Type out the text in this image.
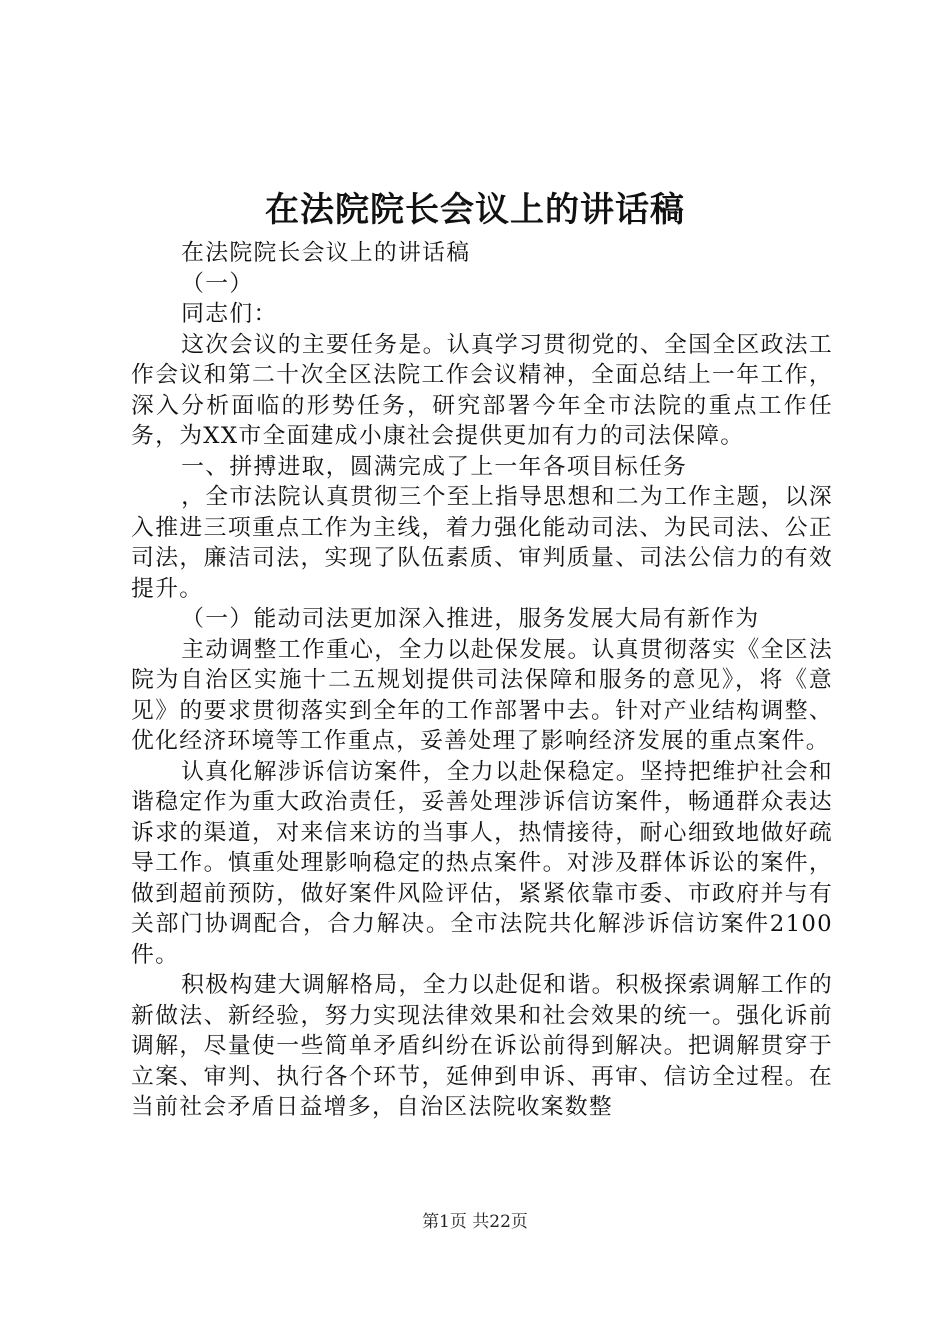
在法院院长会议上的讲话稿

在法院院长会议上的讲话稿

（一）

同志们：

这次会议的主要任务是。认真学习贯彻党的、全国全区政法工作会议和第二十次全区法院工作会议精神，全面总结上一年工作，深入分析面临的形势任务，研究部署今年全市法院的重点工作任务，为XX市全面建成小康社会提供更加有力的司法保障。

一、拼搏进取，圆满完成了上一年各项目标任务

，全市法院认真贯彻三个至上指导思想和二为工作主题，以深入推进三项重点工作为主线，着力强化能动司法、为民司法、公正司法，廉洁司法，实现了队伍素质、审判质量、司法公信力的有效提升。

（一）能动司法更加深入推进，服务发展大局有新作为

主动调整工作重心，全力以赴保发展。认真贯彻落实《全区法院为自治区实施十二五规划提供司法保障和服务的意见》，将《意见》的要求贯彻落实到全年的工作部署中去。针对产业结构调整、优化经济环境等工作重点，妥善处理了影响经济发展的重点案件。

认真化解涉诉信访案件，全力以赴保稳定。坚持把维护社会和谐稳定作为重大政治责任，妥善处理涉诉信访案件，畅通群众表达诉求的渠道，对来信来访的当事人，热情接待，耐心细致地做好疏导工作。慎重处理影响稳定的热点案件。对涉及群体诉讼的案件，做到超前预防，做好案件风险评估，紧紧依靠市委、市政府并与有关部门协调配合，合力解决。全市法院共化解涉诉信访案件2100件。

积极构建大调解格局，全力以赴促和谐。积极探索调解工作的新做法、新经验，努力实现法律效果和社会效果的统一。强化诉前调解，尽量使一些简单矛盾纠纷在诉讼前得到解决。把调解贯穿于立案、审判、执行各个环节，延伸到申诉、再审、信访全过程。在当前社会矛盾日益增多，自治区法院收案数整

第1页 共22页
